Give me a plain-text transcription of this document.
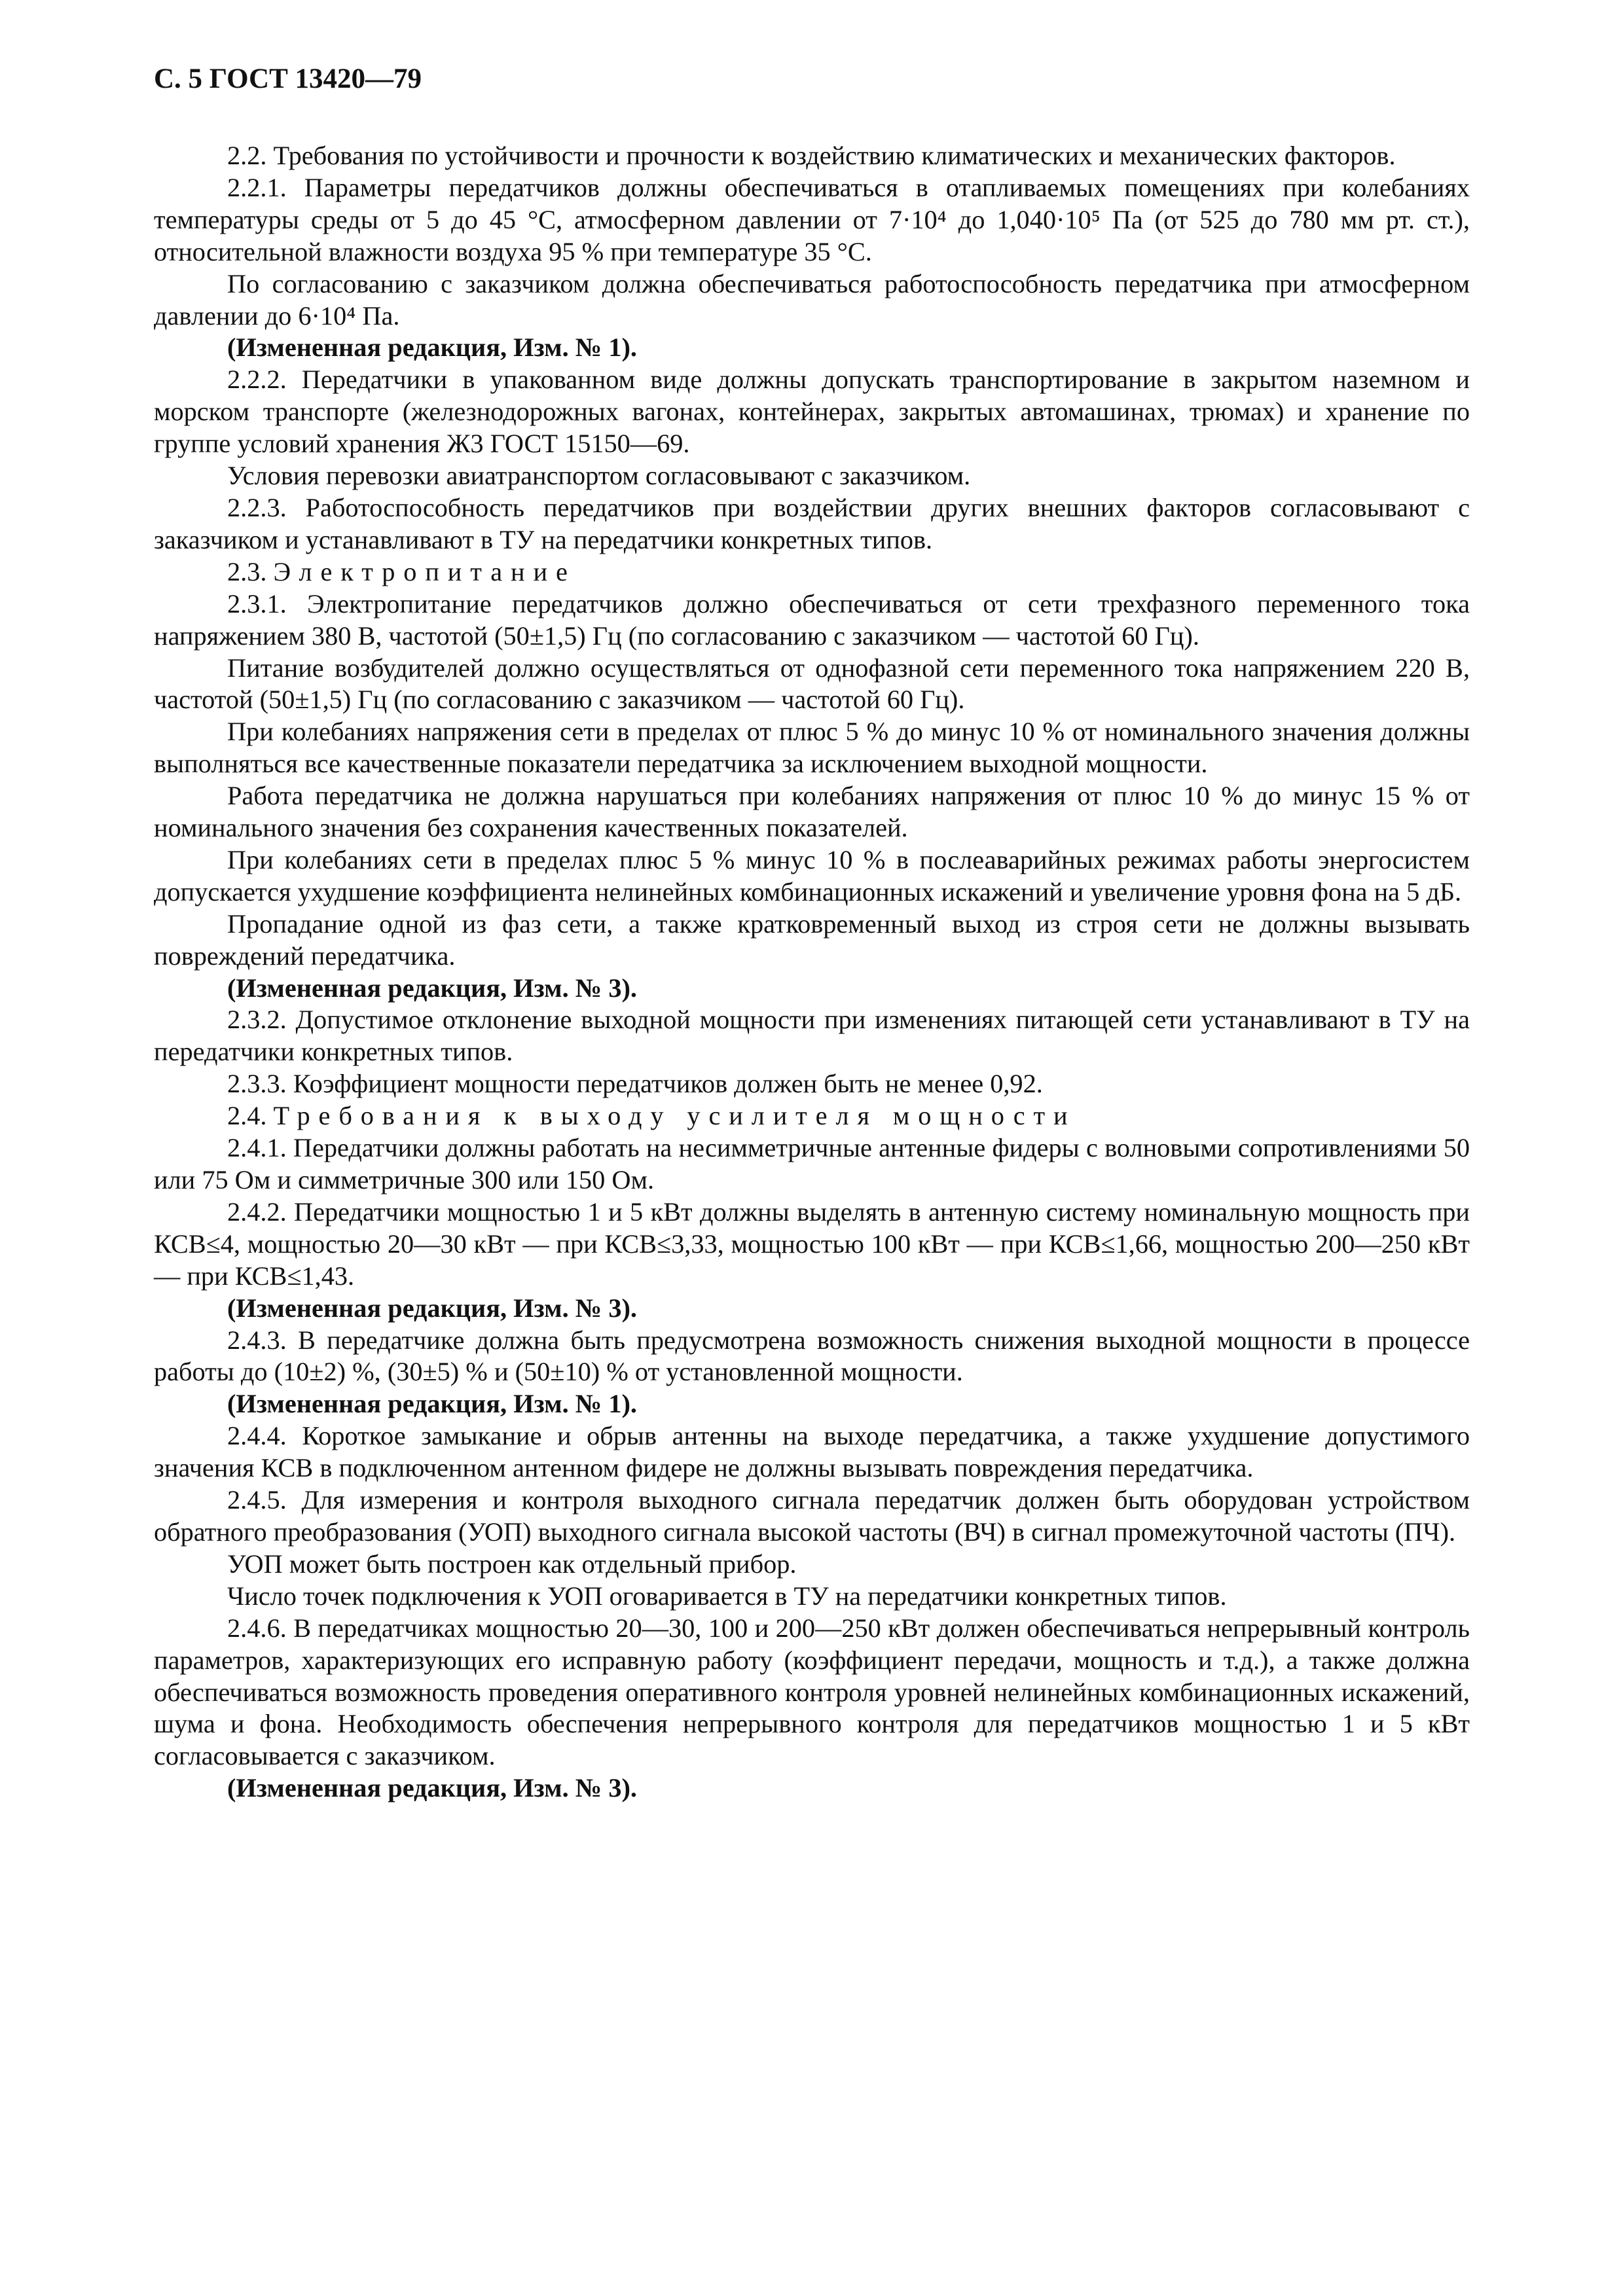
С. 5 ГОСТ 13420—79

2.2. Требования по устойчивости и прочности к воздействию климатических и механических факторов.

2.2.1. Параметры передатчиков должны обеспечиваться в отапливаемых помещениях при колебаниях температуры среды от 5 до 45 °С, атмосферном давлении от 7·10⁴ до 1,040·10⁵ Па (от 525 до 780 мм рт. ст.), относительной влажности воздуха 95 % при температуре 35 °С.

По согласованию с заказчиком должна обеспечиваться работоспособность передатчика при атмосферном давлении до 6·10⁴ Па.

(Измененная редакция, Изм. № 1).

2.2.2. Передатчики в упакованном виде должны допускать транспортирование в закрытом наземном и морском транспорте (железнодорожных вагонах, контейнерах, закрытых автомашинах, трюмах) и хранение по группе условий хранения Ж3 ГОСТ 15150—69.

Условия перевозки авиатранспортом согласовывают с заказчиком.

2.2.3. Работоспособность передатчиков при воздействии других внешних факторов согласовывают с заказчиком и устанавливают в ТУ на передатчики конкретных типов.

2.3. Электропитание

2.3.1. Электропитание передатчиков должно обеспечиваться от сети трехфазного переменного тока напряжением 380 В, частотой (50±1,5) Гц (по согласованию с заказчиком — частотой 60 Гц).

Питание возбудителей должно осуществляться от однофазной сети переменного тока напряжением 220 В, частотой (50±1,5) Гц (по согласованию с заказчиком — частотой 60 Гц).

При колебаниях напряжения сети в пределах от плюс 5 % до минус 10 % от номинального значения должны выполняться все качественные показатели передатчика за исключением выходной мощности.

Работа передатчика не должна нарушаться при колебаниях напряжения от плюс 10 % до минус 15 % от номинального значения без сохранения качественных показателей.

При колебаниях сети в пределах плюс 5 % минус 10 % в послеаварийных режимах работы энергосистем допускается ухудшение коэффициента нелинейных комбинационных искажений и увеличение уровня фона на 5 дБ.

Пропадание одной из фаз сети, а также кратковременный выход из строя сети не должны вызывать повреждений передатчика.

(Измененная редакция, Изм. № 3).

2.3.2. Допустимое отклонение выходной мощности при изменениях питающей сети устанавливают в ТУ на передатчики конкретных типов.

2.3.3. Коэффициент мощности передатчиков должен быть не менее 0,92.

2.4. Требования к выходу усилителя мощности

2.4.1. Передатчики должны работать на несимметричные антенные фидеры с волновыми сопротивлениями 50 или 75 Ом и симметричные 300 или 150 Ом.

2.4.2. Передатчики мощностью 1 и 5 кВт должны выделять в антенную систему номинальную мощность при КСВ≤4, мощностью 20—30 кВт — при КСВ≤3,33, мощностью 100 кВт — при КСВ≤1,66, мощностью 200—250 кВт — при КСВ≤1,43.

(Измененная редакция, Изм. № 3).

2.4.3. В передатчике должна быть предусмотрена возможность снижения выходной мощности в процессе работы до (10±2) %, (30±5) % и (50±10) % от установленной мощности.

(Измененная редакция, Изм. № 1).

2.4.4. Короткое замыкание и обрыв антенны на выходе передатчика, а также ухудшение допустимого значения КСВ в подключенном антенном фидере не должны вызывать повреждения передатчика.

2.4.5. Для измерения и контроля выходного сигнала передатчик должен быть оборудован устройством обратного преобразования (УОП) выходного сигнала высокой частоты (ВЧ) в сигнал промежуточной частоты (ПЧ).

УОП может быть построен как отдельный прибор.

Число точек подключения к УОП оговаривается в ТУ на передатчики конкретных типов.

2.4.6. В передатчиках мощностью 20—30, 100 и 200—250 кВт должен обеспечиваться непрерывный контроль параметров, характеризующих его исправную работу (коэффициент передачи, мощность и т.д.), а также должна обеспечиваться возможность проведения оперативного контроля уровней нелинейных комбинационных искажений, шума и фона. Необходимость обеспечения непрерывного контроля для передатчиков мощностью 1 и 5 кВт согласовывается с заказчиком.

(Измененная редакция, Изм. № 3).
